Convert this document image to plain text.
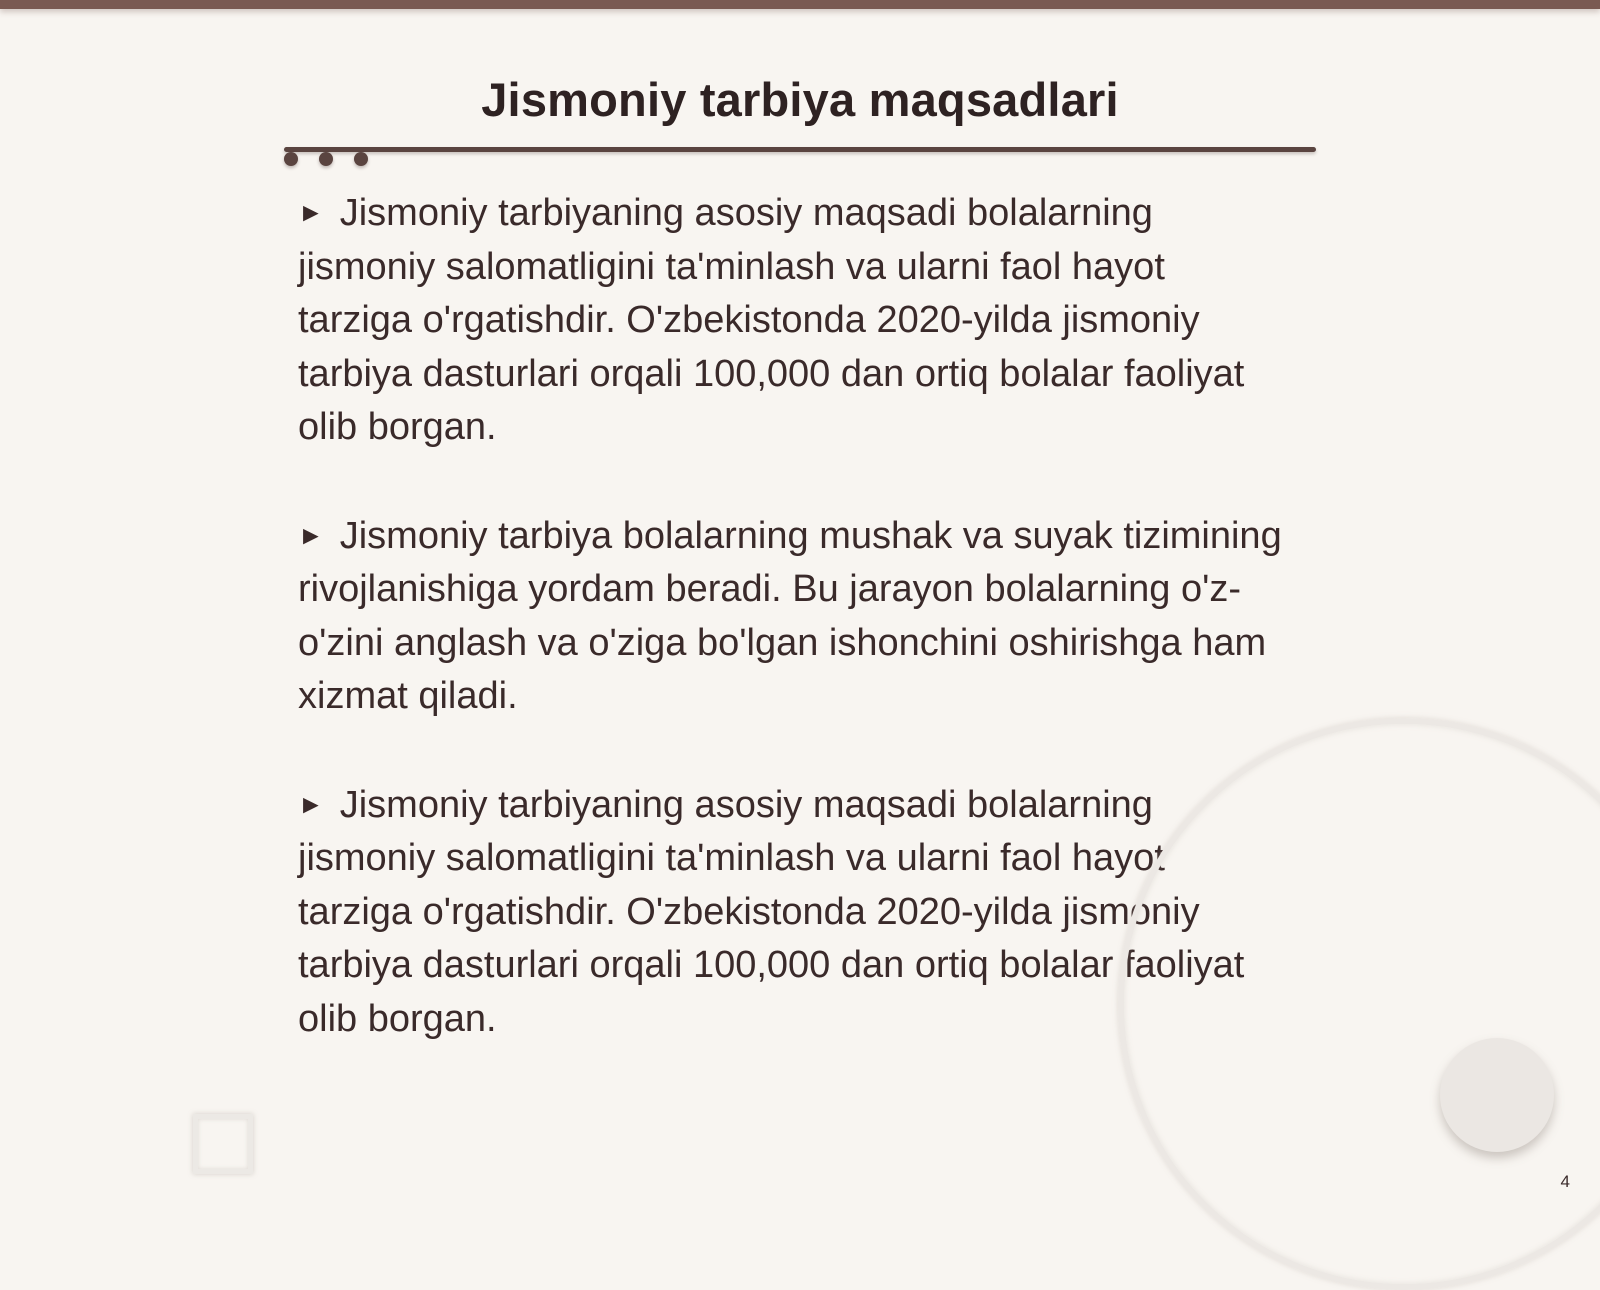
Jismoniy tarbiya maqsadlari
► Jismoniy tarbiyaning asosiy maqsadi bolalarning jismoniy salomatligini ta'minlash va ularni faol hayot tarziga o'rgatishdir. O'zbekistonda 2020-yilda jismoniy tarbiya dasturlari orqali 100,000 dan ortiq bolalar faoliyat olib borgan.
► Jismoniy tarbiya bolalarning mushak va suyak tizimining rivojlanishiga yordam beradi. Bu jarayon bolalarning o'z-o'zini anglash va o'ziga bo'lgan ishonchini oshirishga ham xizmat qiladi.
► Jismoniy tarbiyaning asosiy maqsadi bolalarning jismoniy salomatligini ta'minlash va ularni faol hayot tarziga o'rgatishdir. O'zbekistonda 2020-yilda jismoniy tarbiya dasturlari orqali 100,000 dan ortiq bolalar faoliyat olib borgan.
4
